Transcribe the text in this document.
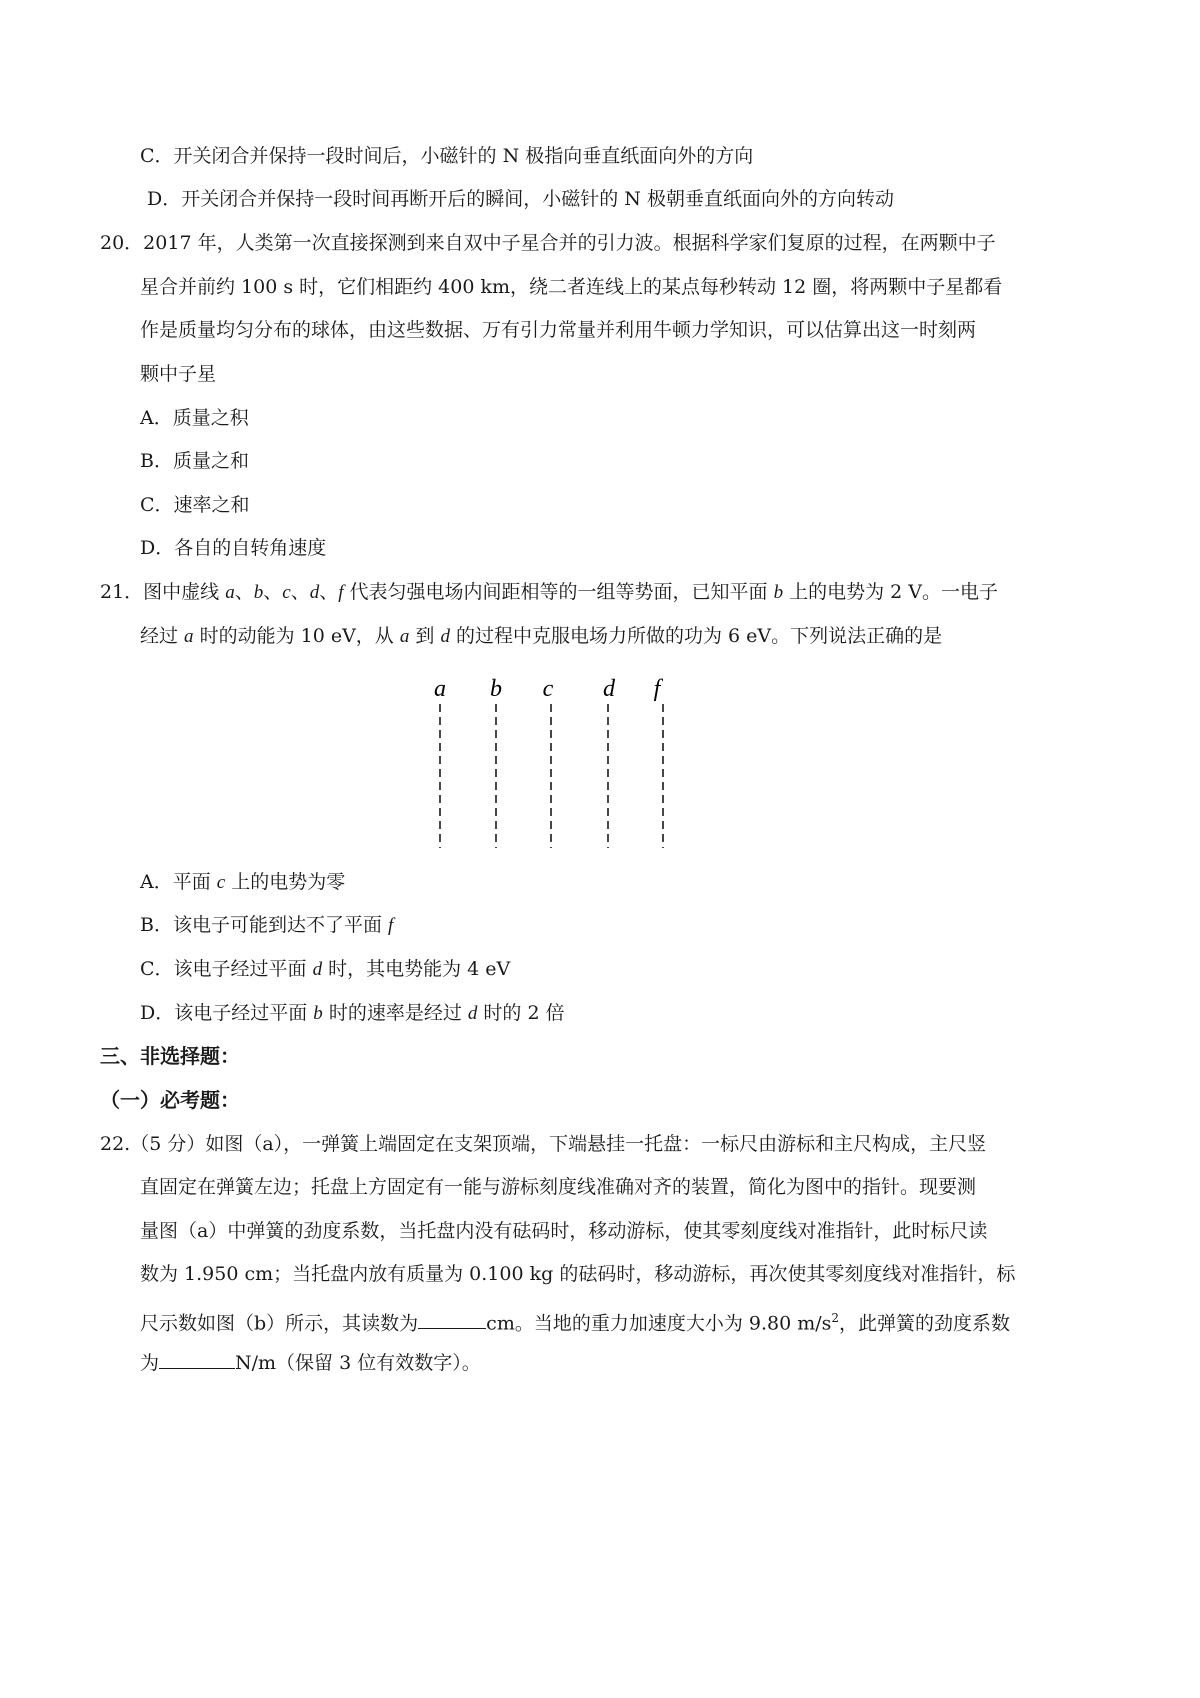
C．开关闭合并保持一段时间后，小磁针的 N 极指向垂直纸面向外的方向
D．开关闭合并保持一段时间再断开后的瞬间，小磁针的 N 极朝垂直纸面向外的方向转动
20．2017 年，人类第一次直接探测到来自双中子星合并的引力波。根据科学家们复原的过程，在两颗中子
星合并前约 100 s 时，它们相距约 400 km，绕二者连线上的某点每秒转动 12 圈，将两颗中子星都看
作是质量均匀分布的球体，由这些数据、万有引力常量并利用牛顿力学知识，可以估算出这一时刻两
颗中子星
A．质量之积
B．质量之和
C．速率之和
D．各自的自转角速度
21．图中虚线 a、b、c、d、f 代表匀强电场内间距相等的一组等势面，已知平面 b 上的电势为 2 V。一电子
经过 a 时的动能为 10 eV，从 a 到 d 的过程中克服电场力所做的功为 6 eV。下列说法正确的是
a b c d f
A．平面 c 上的电势为零
B．该电子可能到达不了平面 f
C．该电子经过平面 d 时，其电势能为 4 eV
D．该电子经过平面 b 时的速率是经过 d 时的 2 倍
三、非选择题：
（一）必考题：
22.（5 分）如图（a），一弹簧上端固定在支架顶端，下端悬挂一托盘：一标尺由游标和主尺构成，主尺竖
直固定在弹簧左边；托盘上方固定有一能与游标刻度线准确对齐的装置，简化为图中的指针。现要测
量图（a）中弹簧的劲度系数，当托盘内没有砝码时，移动游标，使其零刻度线对准指针，此时标尺读
数为 1.950 cm；当托盘内放有质量为 0.100 kg 的砝码时，移动游标，再次使其零刻度线对准指针，标
尺示数如图（b）所示，其读数为	cm。当地的重力加速度大小为 9.80 $m/s^2$，此弹簧的劲度系数
为	N/m（保留 3 位有效数字）。
